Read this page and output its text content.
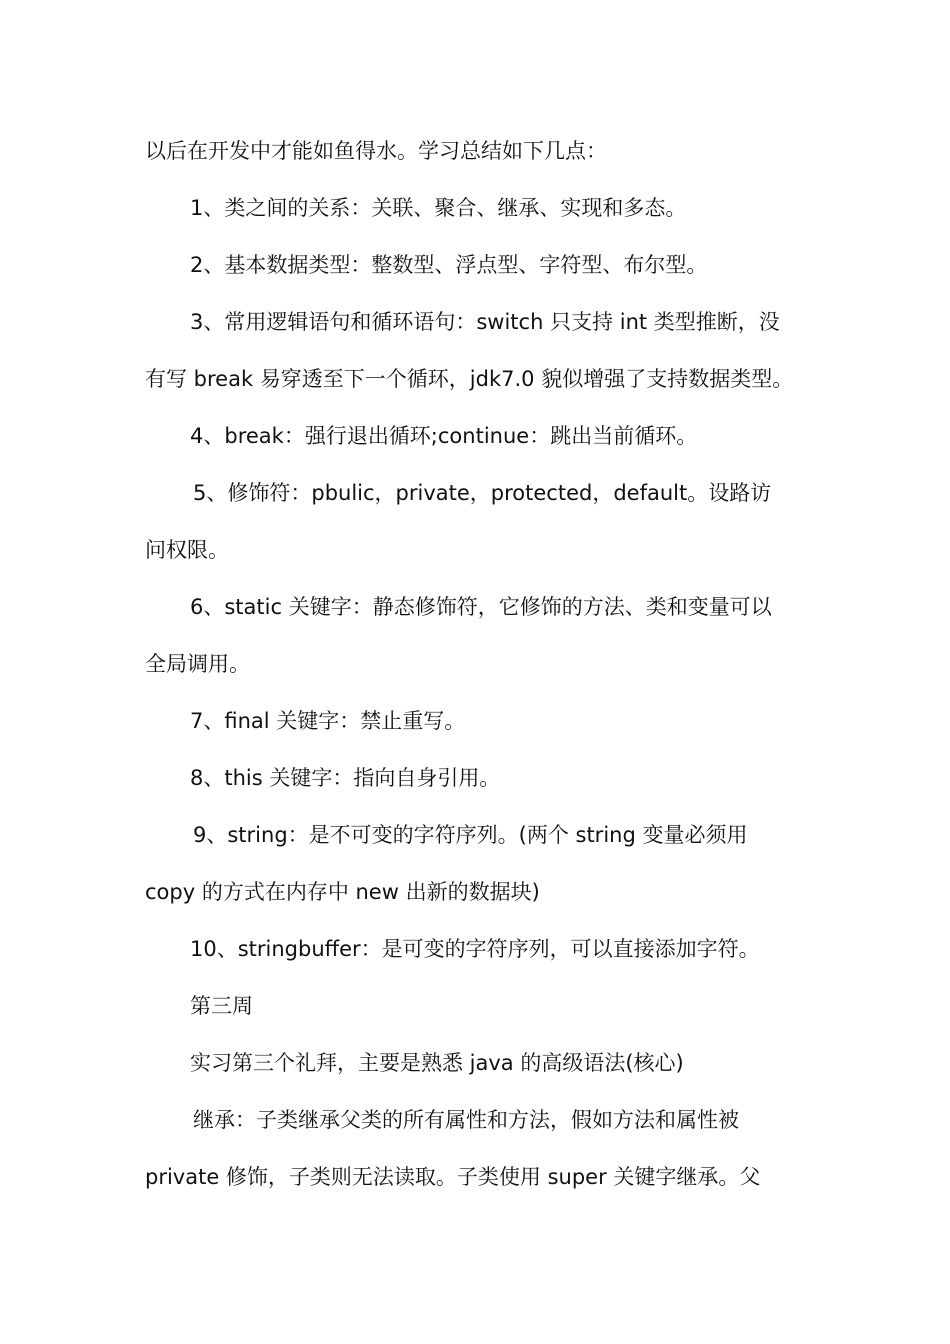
以后在开发中才能如鱼得水。学习总结如下几点：
1、类之间的关系：关联、聚合、继承、实现和多态。
2、基本数据类型：整数型、浮点型、字符型、布尔型。
3、常用逻辑语句和循环语句：switch 只支持 int 类型推断，没
有写 break 易穿透至下一个循环，jdk7.0 貌似增强了支持数据类型。
4、break：强行退出循环;continue：跳出当前循环。
5、修饰符：pbulic，private，protected，default。设路访
问权限。
6、static 关键字：静态修饰符，它修饰的方法、类和变量可以
全局调用。
7、final 关键字：禁止重写。
8、this 关键字：指向自身引用。
9、string：是不可变的字符序列。(两个 string 变量必须用
copy 的方式在内存中 new 出新的数据块)
10、stringbuffer：是可变的字符序列，可以直接添加字符。
第三周
实习第三个礼拜，主要是熟悉 java 的高级语法(核心)
继承：子类继承父类的所有属性和方法，假如方法和属性被
private 修饰，子类则无法读取。子类使用 super 关键字继承。父
